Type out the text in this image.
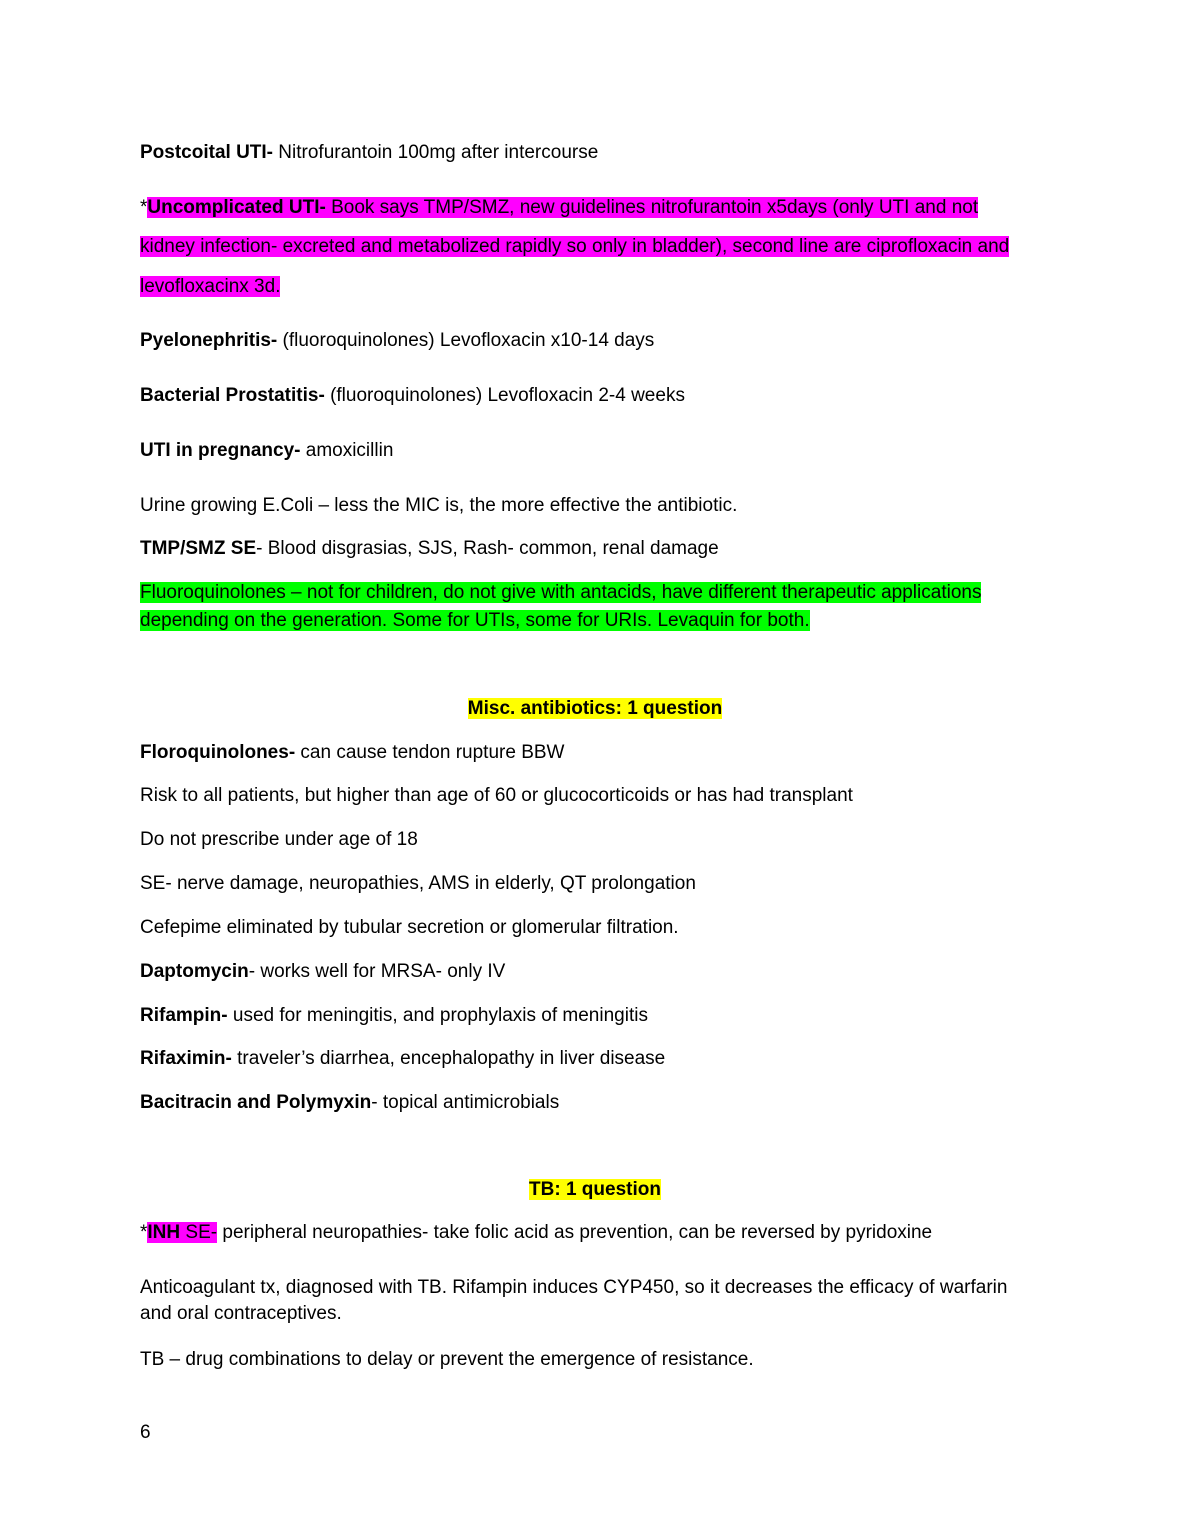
Postcoital UTI- Nitrofurantoin 100mg after intercourse
*Uncomplicated UTI- Book says TMP/SMZ, new guidelines nitrofurantoin x5days (only UTI and not
kidney infection- excreted and metabolized rapidly so only in bladder), second line are ciprofloxacin and
levofloxacinx 3d.
Pyelonephritis- (fluoroquinolones) Levofloxacin x10-14 days
Bacterial Prostatitis- (fluoroquinolones) Levofloxacin 2-4 weeks
UTI in pregnancy- amoxicillin
Urine growing E.Coli – less the MIC is, the more effective the antibiotic.
TMP/SMZ SE- Blood disgrasias, SJS, Rash- common, renal damage
Fluoroquinolones – not for children, do not give with antacids, have different therapeutic applications
depending on the generation. Some for UTIs, some for URIs. Levaquin for both.
Misc. antibiotics: 1 question
Floroquinolones- can cause tendon rupture BBW
Risk to all patients, but higher than age of 60 or glucocorticoids or has had transplant
Do not prescribe under age of 18
SE- nerve damage, neuropathies, AMS in elderly, QT prolongation
Cefepime eliminated by tubular secretion or glomerular filtration.
Daptomycin- works well for MRSA- only IV
Rifampin- used for meningitis, and prophylaxis of meningitis
Rifaximin- traveler’s diarrhea, encephalopathy in liver disease
Bacitracin and Polymyxin- topical antimicrobials
TB: 1 question
*INH SE- peripheral neuropathies- take folic acid as prevention, can be reversed by pyridoxine
Anticoagulant tx, diagnosed with TB. Rifampin induces CYP450, so it decreases the efficacy of warfarin and oral contraceptives.
TB – drug combinations to delay or prevent the emergence of resistance.
6
